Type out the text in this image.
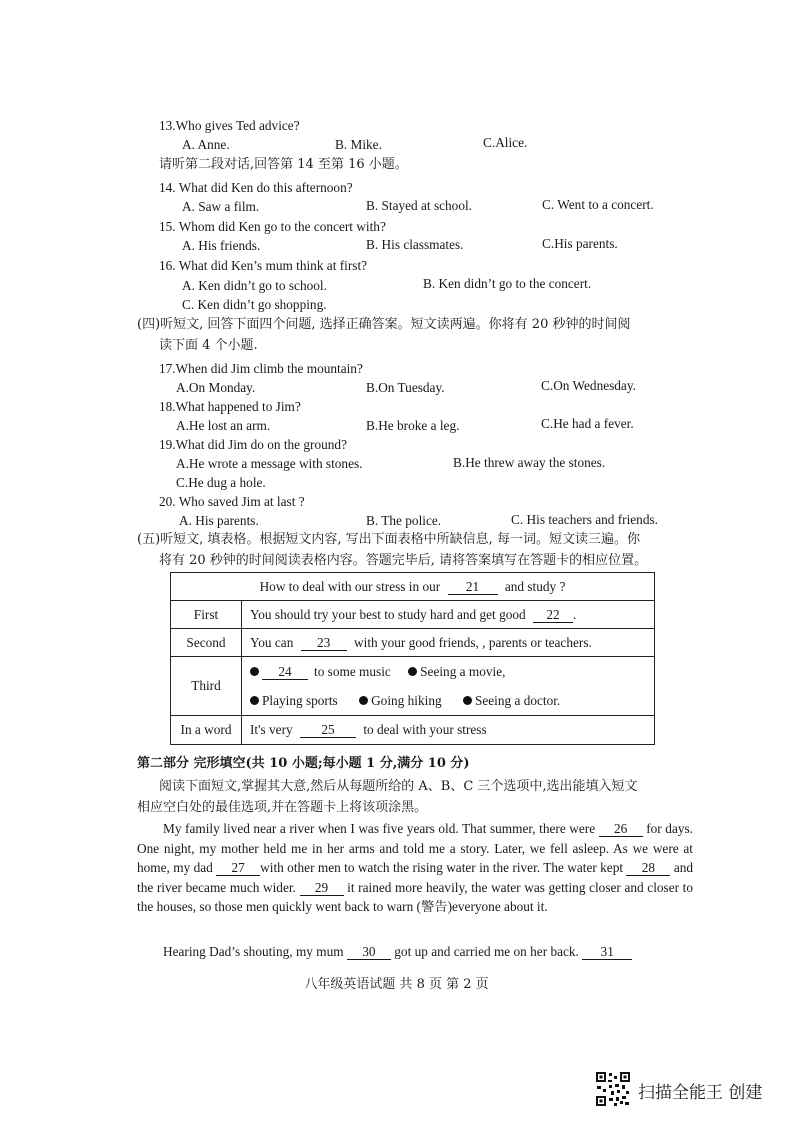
13.Who gives Ted advice?
A. Anne.	B. Mike.	C.Alice.
请听第二段对话,回答第 14 至第 16 小题。
14. What did Ken do this afternoon?
A. Saw a film.	B. Stayed at school.	C. Went to a concert.
15. Whom did Ken go to the concert with?
A. His friends.	B. His classmates.	C.His parents.
16. What did Ken’s mum think at first?
A. Ken didn’t go to school.	B. Ken didn’t go to the concert.
C. Ken didn’t go shopping.
(四)听短文, 回答下面四个问题, 选择正确答案。短文读两遍。你将有 20 秒钟的时间阅
读下面 4 个小题.
17.When did Jim climb the mountain?
A.On Monday.	B.On Tuesday.	C.On Wednesday.
18.What happened to Jim?
A.He lost an arm.	B.He broke a leg.	C.He had a fever.
19.What did Jim do on the ground?
A.He wrote a message with stones.	B.He threw away the stones.
C.He dug a hole.
20. Who saved Jim at last ?
A. His parents.	B. The police.	C. His teachers and friends.
(五)听短文, 填表格。根据短文内容, 写出下面表格中所缺信息, 每一词。短文读三遍。你
将有 20 秒钟的时间阅读表格内容。答题完毕后, 请将答案填写在答题卡的相应位置。
How to deal with our stress in our 21 and study ?	
First	You should try your best to study hard and get good 22 .
Second	You can 23 with your good friends, , parents or teachers.
Third	24 to some music Seeing a movie,
Playing sports Going hiking Seeing a doctor.

In a word	It's very 25 to deal with your stress
第二部分 完形填空(共 10 小题;每小题 1 分,满分 10 分)
阅读下面短文,掌握其大意,然后从每题所给的 A、B、C 三个选项中,选出能填入短文
相应空白处的最佳选项,并在答题卡上将该项涂黑。
My family lived near a river when I was five years old. That summer, there were 26 for days. One night, my mother held me in her arms and told me a story. Later, we fell asleep. As we were at home, my dad 27 with other men to watch the rising water in the river. The water kept 28 and the river became much wider. 29 it rained more heavily, the water was getting closer and closer to the houses, so those men quickly went back to warn (警告)everyone about it.
Hearing Dad’s shouting, my mum 30 got up and carried me on her back. 31
八年级英语试题 共 8 页 第 2 页
扫描全能王 创建
